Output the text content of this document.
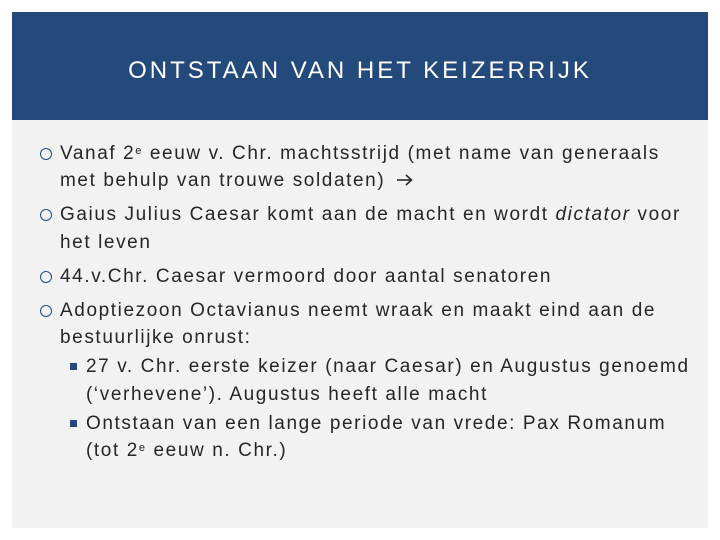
ONTSTAAN VAN HET KEIZERRIJK
Vanaf 2e eeuw v. Chr. machtsstrijd (met name van generaals met behulp van trouwe soldaten)
Gaius Julius Caesar komt aan de macht en wordt dictator voor het leven
44.v.Chr. Caesar vermoord door aantal senatoren
Adoptiezoon Octavianus neemt wraak en maakt eind aan de bestuurlijke onrust:
27 v. Chr. eerste keizer (naar Caesar) en Augustus genoemd (‘verhevene’). Augustus heeft alle macht
Ontstaan van een lange periode van vrede: Pax Romanum (tot 2e eeuw n. Chr.)
